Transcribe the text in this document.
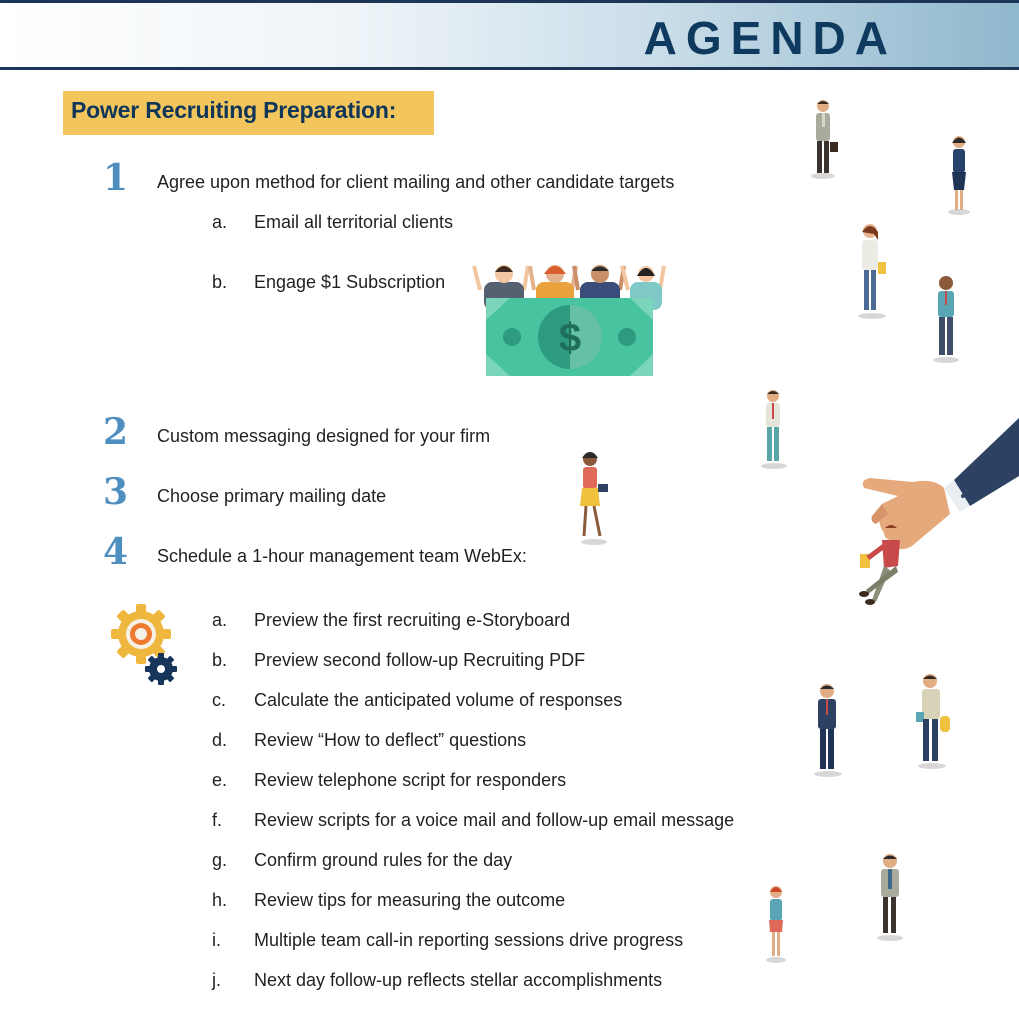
AGENDA
Power Recruiting Preparation:
1 Agree upon method for client mailing and other candidate targets
a. Email all territorial clients
b. Engage $1 Subscription
$
2 Custom messaging designed for your firm
3 Choose primary mailing date
4 Schedule a 1-hour management team WebEx:
a. Preview the first recruiting e-Storyboard
b. Preview second follow-up Recruiting PDF
c. Calculate the anticipated volume of responses
d. Review “How to deflect” questions
e. Review telephone script for responders
f. Review scripts for a voice mail and follow-up email message
g. Confirm ground rules for the day
h. Review tips for measuring the outcome
i. Multiple team call-in reporting sessions drive progress
j. Next day follow-up reflects stellar accomplishments
